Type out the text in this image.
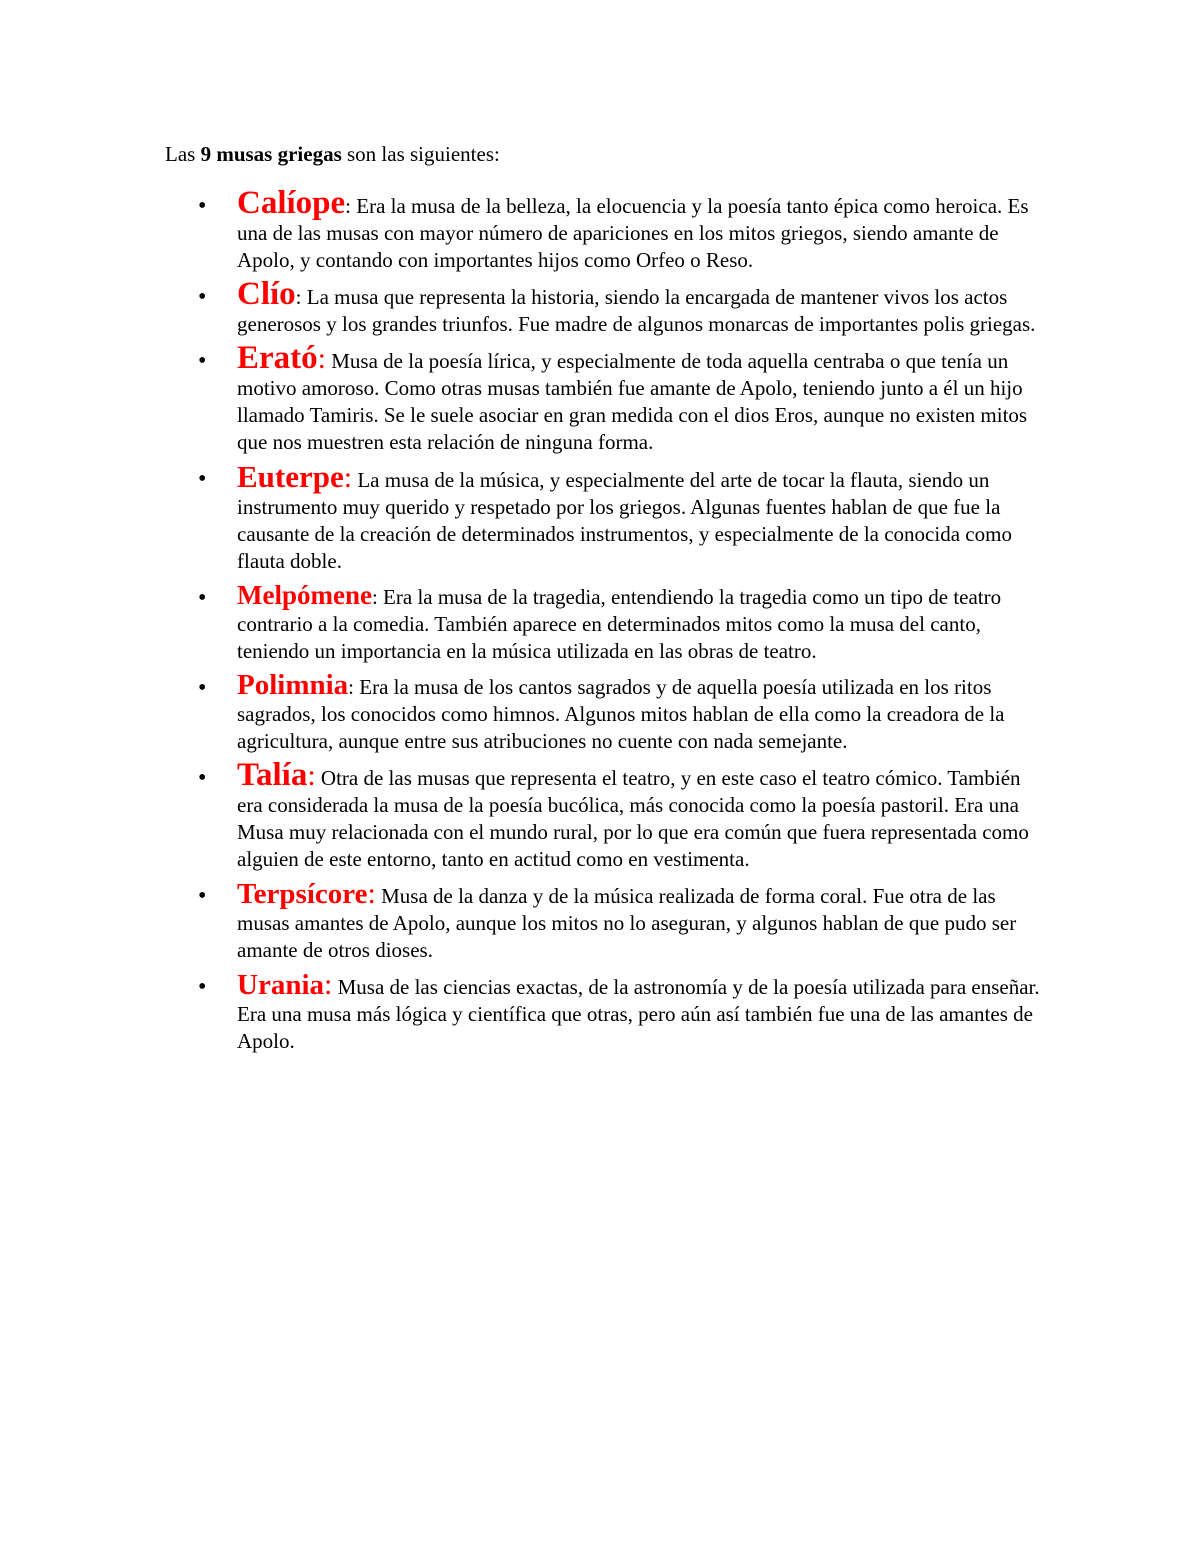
Las 9 musas griegas son las siguientes:

• Calíope: Era la musa de la belleza, la elocuencia y la poesía tanto épica como heroica. Es una de las musas con mayor número de apariciones en los mitos griegos, siendo amante de Apolo, y contando con importantes hijos como Orfeo o Reso.
• Clío: La musa que representa la historia, siendo la encargada de mantener vivos los actos generosos y los grandes triunfos. Fue madre de algunos monarcas de importantes polis griegas.
• Erató: Musa de la poesía lírica, y especialmente de toda aquella centraba o que tenía un motivo amoroso. Como otras musas también fue amante de Apolo, teniendo junto a él un hijo llamado Tamiris. Se le suele asociar en gran medida con el dios Eros, aunque no existen mitos que nos muestren esta relación de ninguna forma.
• Euterpe: La musa de la música, y especialmente del arte de tocar la flauta, siendo un instrumento muy querido y respetado por los griegos. Algunas fuentes hablan de que fue la causante de la creación de determinados instrumentos, y especialmente de la conocida como flauta doble.
• Melpómene: Era la musa de la tragedia, entendiendo la tragedia como un tipo de teatro contrario a la comedia. También aparece en determinados mitos como la musa del canto, teniendo un importancia en la música utilizada en las obras de teatro.
• Polimnia: Era la musa de los cantos sagrados y de aquella poesía utilizada en los ritos sagrados, los conocidos como himnos. Algunos mitos hablan de ella como la creadora de la agricultura, aunque entre sus atribuciones no cuente con nada semejante.
• Talía: Otra de las musas que representa el teatro, y en este caso el teatro cómico. También era considerada la musa de la poesía bucólica, más conocida como la poesía pastoril. Era una Musa muy relacionada con el mundo rural, por lo que era común que fuera representada como alguien de este entorno, tanto en actitud como en vestimenta.
• Terpsícore: Musa de la danza y de la música realizada de forma coral. Fue otra de las musas amantes de Apolo, aunque los mitos no lo aseguran, y algunos hablan de que pudo ser amante de otros dioses.
• Urania: Musa de las ciencias exactas, de la astronomía y de la poesía utilizada para enseñar. Era una musa más lógica y científica que otras, pero aún así también fue una de las amantes de Apolo.
